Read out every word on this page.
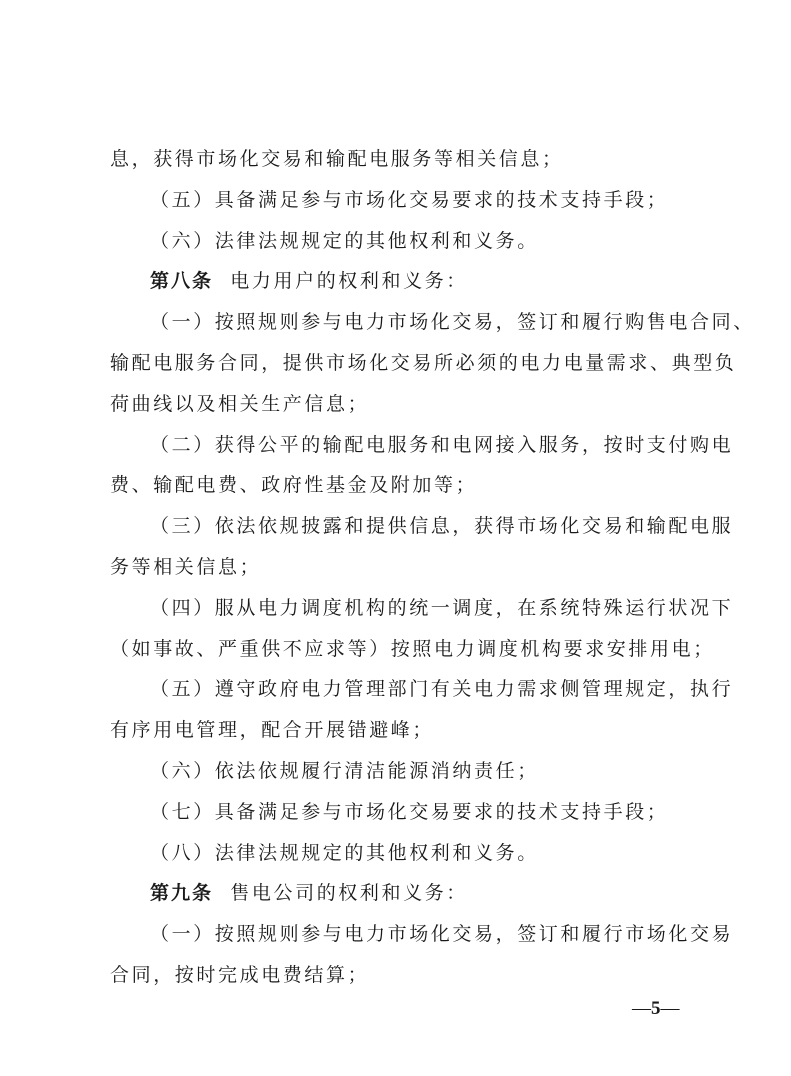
息，获得市场化交易和输配电服务等相关信息；
（五）具备满足参与市场化交易要求的技术支持手段；
（六）法律法规规定的其他权利和义务。
第八条 电力用户的权利和义务：
（一）按照规则参与电力市场化交易，签订和履行购售电合同、
输配电服务合同，提供市场化交易所必须的电力电量需求、典型负
荷曲线以及相关生产信息；
（二）获得公平的输配电服务和电网接入服务，按时支付购电
费、输配电费、政府性基金及附加等；
（三）依法依规披露和提供信息，获得市场化交易和输配电服
务等相关信息；
（四）服从电力调度机构的统一调度，在系统特殊运行状况下
（如事故、严重供不应求等）按照电力调度机构要求安排用电；
（五）遵守政府电力管理部门有关电力需求侧管理规定，执行
有序用电管理，配合开展错避峰；
（六）依法依规履行清洁能源消纳责任；
（七）具备满足参与市场化交易要求的技术支持手段；
（八）法律法规规定的其他权利和义务。
第九条 售电公司的权利和义务：
（一）按照规则参与电力市场化交易，签订和履行市场化交易
合同，按时完成电费结算；
—5—
